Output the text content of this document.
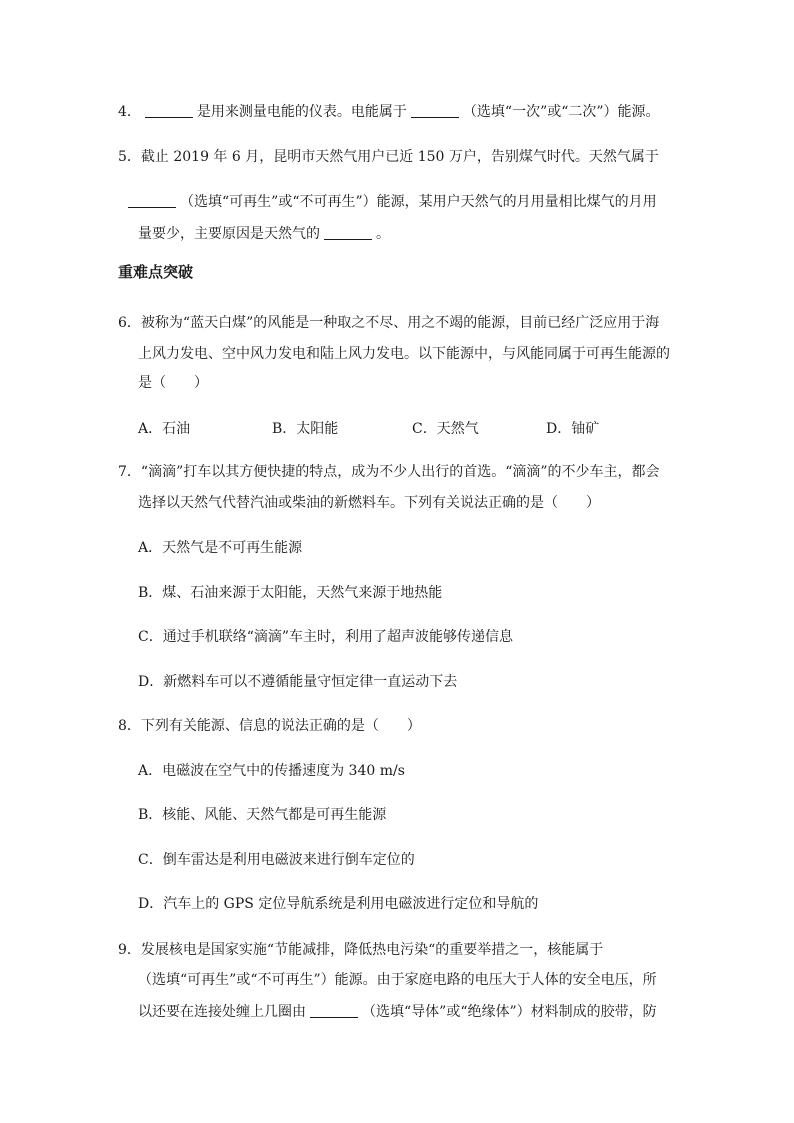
4．	是用来测量电能的仪表。电能属于	（选填“一次”或“二次”）能源。
5．截止 2019 年 6 月，昆明市天然气用户已近 150 万户，告别煤气时代。天然气属于
（选填“可再生”或“不可再生”）能源，某用户天然气的月用量相比煤气的月用
量要少，主要原因是天然气的	。
重难点突破
6．被称为“蓝天白煤”的风能是一种取之不尽、用之不竭的能源，目前已经广泛应用于海
上风力发电、空中风力发电和陆上风力发电。以下能源中，与风能同属于可再生能源的
是（　　）
A．石油	B．太阳能	C．天然气	D．铀矿
7．“滴滴”打车以其方便快捷的特点，成为不少人出行的首选。“滴滴”的不少车主，都会
选择以天然气代替汽油或柴油的新燃料车。下列有关说法正确的是（　　）
A．天然气是不可再生能源
B．煤、石油来源于太阳能，天然气来源于地热能
C．通过手机联络“滴滴”车主时，利用了超声波能够传递信息
D．新燃料车可以不遵循能量守恒定律一直运动下去
8．下列有关能源、信息的说法正确的是（　　）
A．电磁波在空气中的传播速度为 340 m/s
B．核能、风能、天然气都是可再生能源
C．倒车雷达是利用电磁波来进行倒车定位的
D．汽车上的 GPS 定位导航系统是利用电磁波进行定位和导航的
9．发展核电是国家实施“节能减排，降低热电污染“的重要举措之一，核能属于
（选填“可再生”或“不可再生”）能源。由于家庭电路的电压大于人体的安全电压，所
以还要在连接处缠上几圈由	（选填“导体”或“绝缘体”）材料制成的胶带，防
